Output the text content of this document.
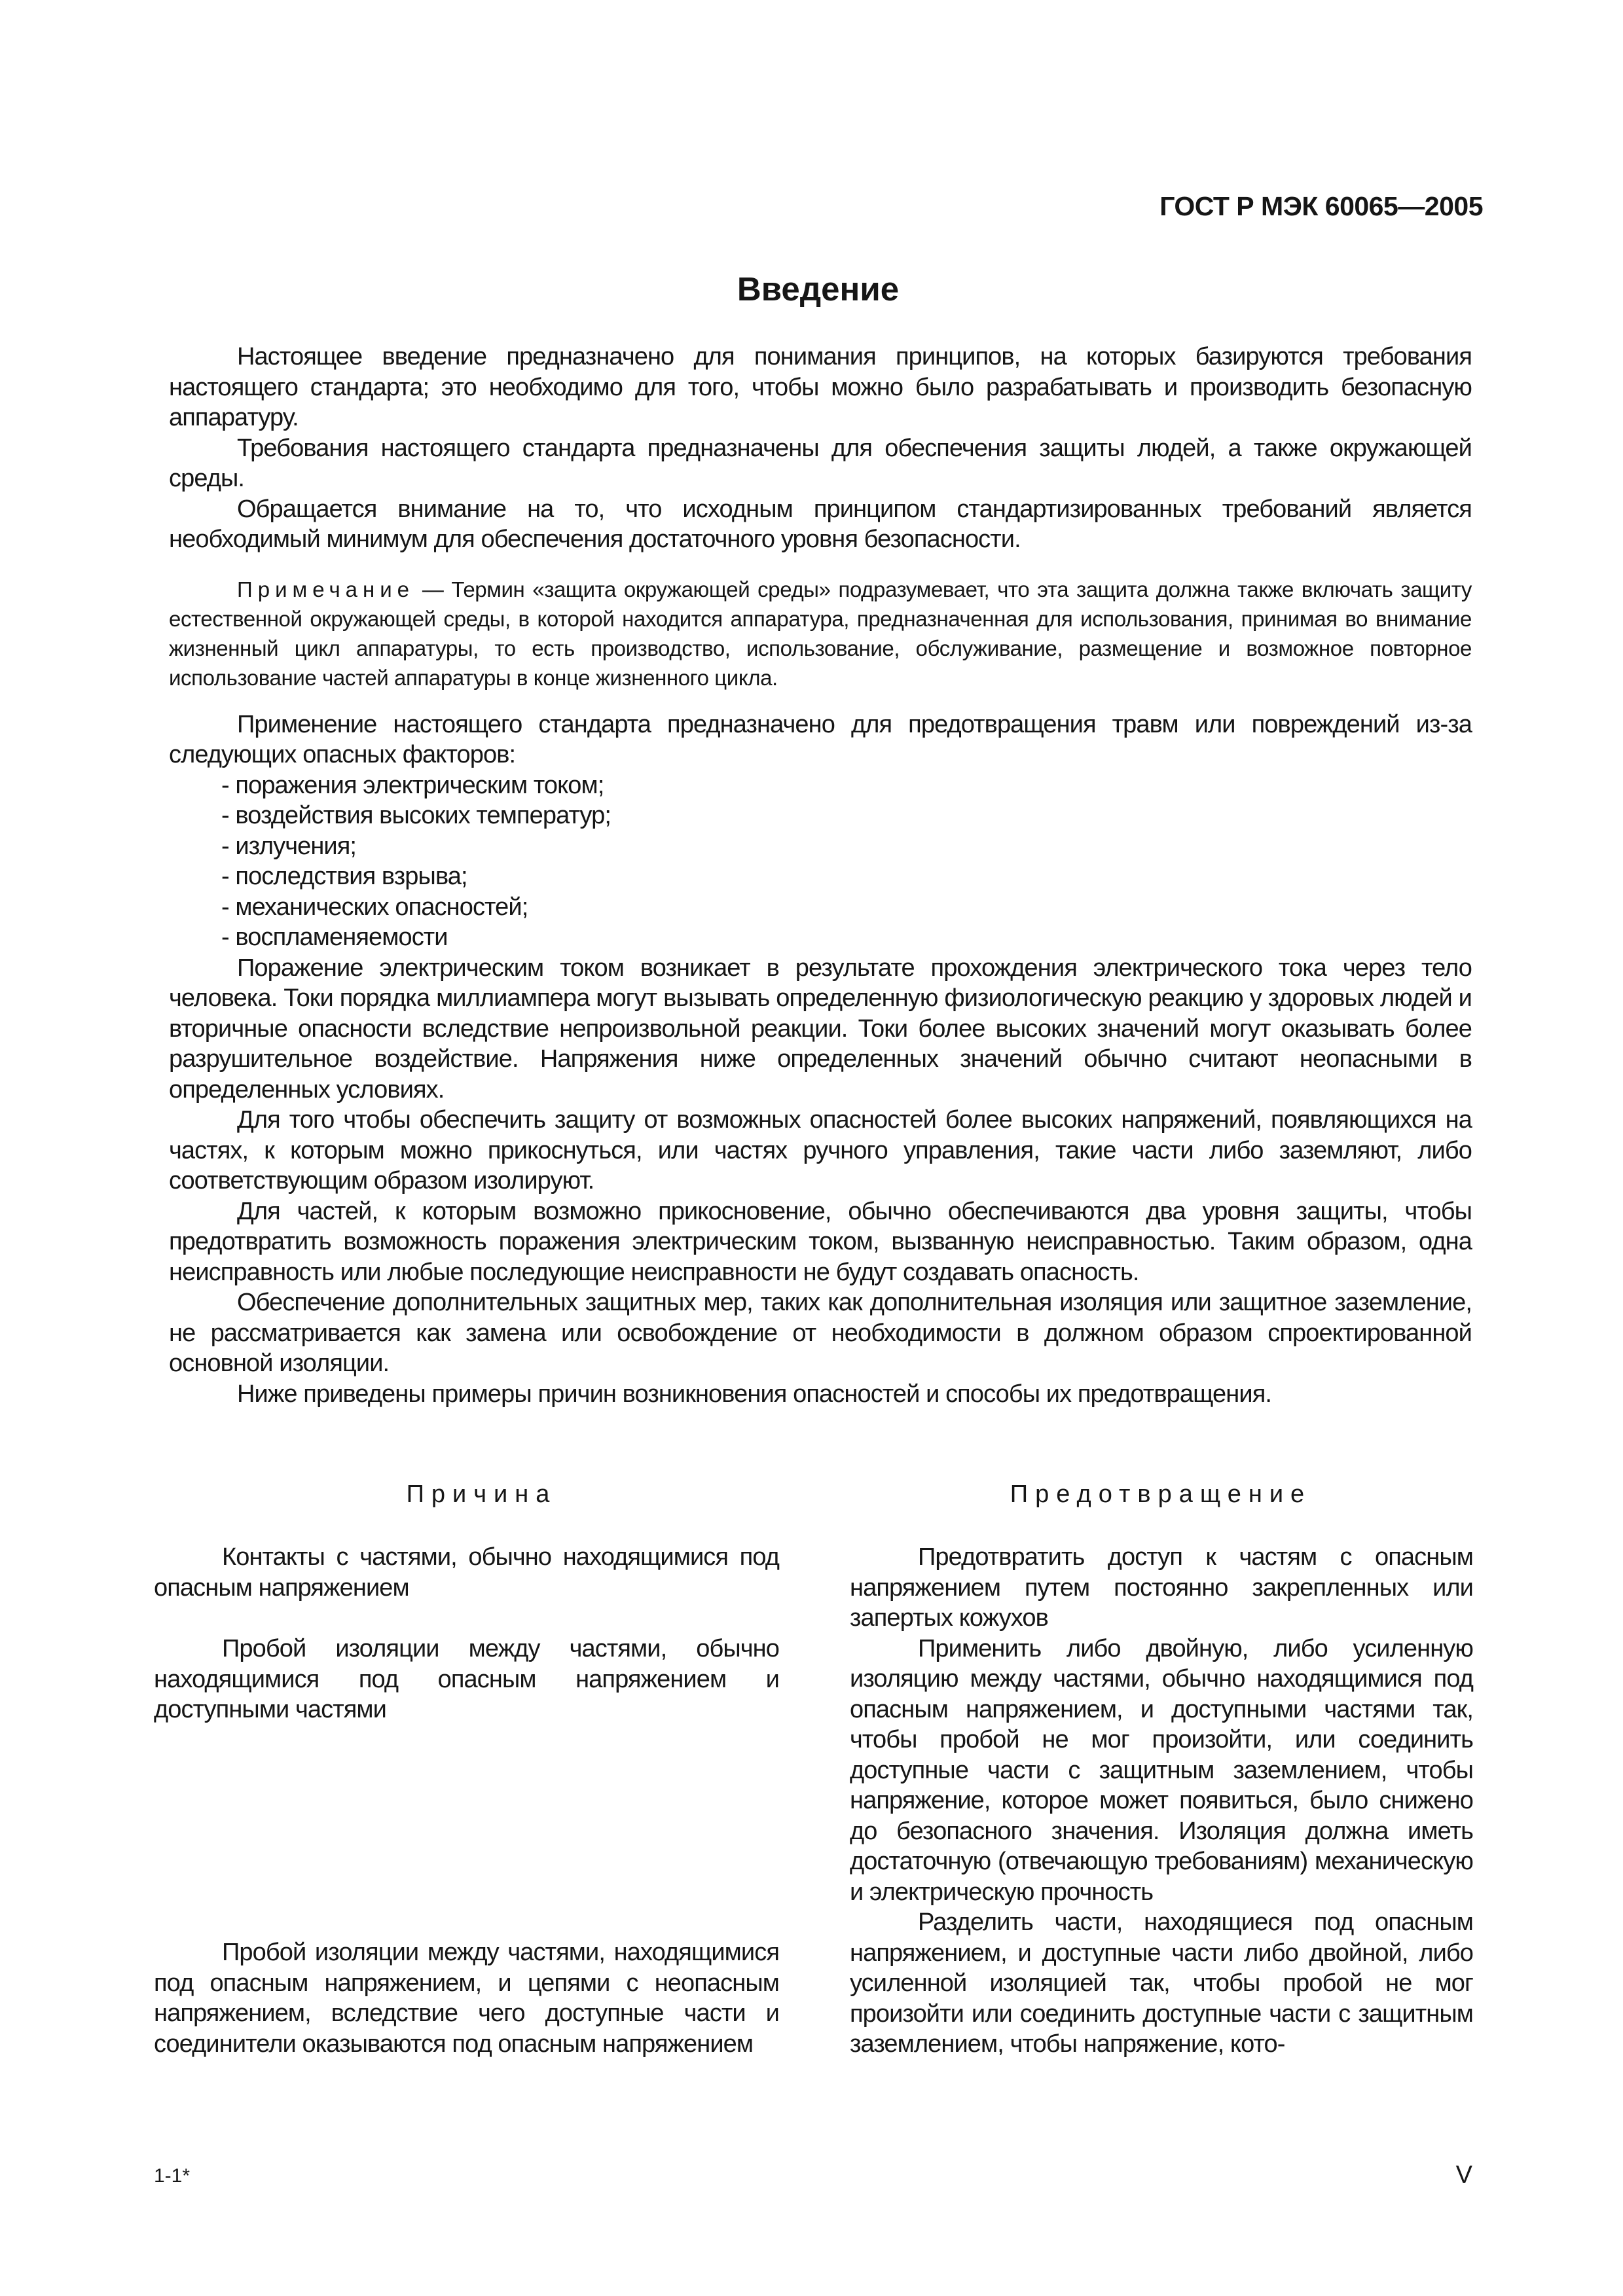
ГОСТ Р МЭК 60065—2005
Введение

Настоящее введение предназначено для понимания принципов, на которых базируются требования настоящего стандарта; это необходимо для того, чтобы можно было разрабатывать и производить безопасную аппаратуру.

Требования настоящего стандарта предназначены для обеспечения защиты людей, а также окружающей среды.

Обращается внимание на то, что исходным принципом стандартизированных требований является необходимый минимум для обеспечения достаточного уровня безопасности.

Примечание — Термин «защита окружающей среды» подразумевает, что эта защита должна также включать защиту естественной окружающей среды, в которой находится аппаратура, предназначенная для использования, принимая во внимание жизненный цикл аппаратуры, то есть производство, использование, обслуживание, размещение и возможное повторное использование частей аппаратуры в конце жизненного цикла.

Применение настоящего стандарта предназначено для предотвращения травм или повреждений из-за следующих опасных факторов:

- поражения электрическим током;
- воздействия высоких температур;
- излучения;
- последствия взрыва;
- механических опасностей;
- воспламеняемости

Поражение электрическим током возникает в результате прохождения электрического тока через тело человека. Токи порядка миллиампера могут вызывать определенную физиологическую реакцию у здоровых людей и вторичные опасности вследствие непроизвольной реакции. Токи более высоких значений могут оказывать более разрушительное воздействие. Напряжения ниже определенных значений обычно считают неопасными в определенных условиях.

Для того чтобы обеспечить защиту от возможных опасностей более высоких напряжений, появляющихся на частях, к которым можно прикоснуться, или частях ручного управления, такие части либо заземляют, либо соответствующим образом изолируют.

Для частей, к которым возможно прикосновение, обычно обеспечиваются два уровня защиты, чтобы предотвратить возможность поражения электрическим током, вызванную неисправностью. Таким образом, одна неисправность или любые последующие неисправности не будут создавать опасность.

Обеспечение дополнительных защитных мер, таких как дополнительная изоляция или защитное заземление, не рассматривается как замена или освобождение от необходимости в должном образом спроектированной основной изоляции.

Ниже приведены примеры причин возникновения опасностей и способы их предотвращения.

Причина	Предотвращение

Контакты с частями, обычно находящимися под опасным напряжением

Пробой изоляции между частями, обычно находящимися под опасным напряжением и доступными частями

Пробой изоляции между частями, находящимися под опасным напряжением, и цепями с неопасным напряжением, вследствие чего доступные части и соединители оказываются под опасным напряжением

Предотвратить доступ к частям с опасным напряжением путем постоянно закрепленных или запертых кожухов

Применить либо двойную, либо усиленную изоляцию между частями, обычно находящимися под опасным напряжением, и доступными частями так, чтобы пробой не мог произойти, или соединить доступные части с защитным заземлением, чтобы напряжение, которое может появиться, было снижено до безопасного значения. Изоляция должна иметь достаточную (отвечающую требованиям) механическую и электрическую прочность

Разделить части, находящиеся под опасным напряжением, и доступные части либо двойной, либо усиленной изоляцией так, чтобы пробой не мог произойти или соединить доступные части с защитным заземлением, чтобы напряжение, кото-

1-1*	V
